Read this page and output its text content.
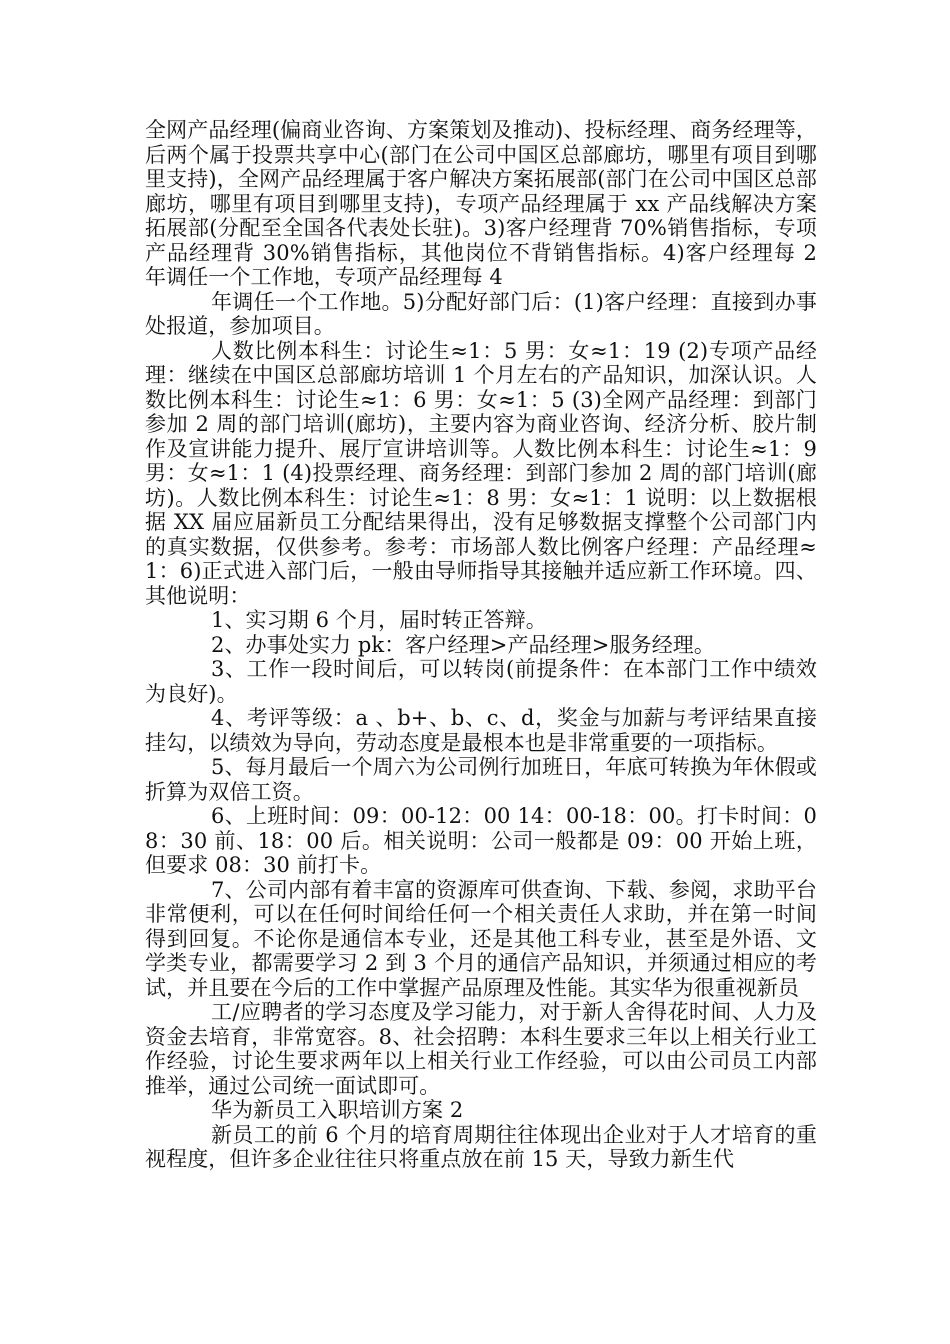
全网产品经理(偏商业咨询、方案策划及推动)、投标经理、商务经理等，后两个属于投票共享中心(部门在公司中国区总部廊坊，哪里有项目到哪里支持)，全网产品经理属于客户解决方案拓展部(部门在公司中国区总部廊坊，哪里有项目到哪里支持)，专项产品经理属于 xx 产品线解决方案拓展部(分配至全国各代表处长驻)。3)客户经理背 70%销售指标，专项产品经理背 30%销售指标，其他岗位不背销售指标。4)客户经理每 2 年调任一个工作地，专项产品经理每 4

年调任一个工作地。5)分配好部门后：(1)客户经理：直接到办事处报道，参加项目。

人数比例本科生：讨论生≈1：5 男：女≈1：19 (2)专项产品经理：继续在中国区总部廊坊培训 1 个月左右的产品知识，加深认识。人数比例本科生：讨论生≈1：6 男：女≈1：5 (3)全网产品经理：到部门参加 2 周的部门培训(廊坊)，主要内容为商业咨询、经济分析、胶片制作及宣讲能力提升、展厅宣讲培训等。人数比例本科生：讨论生≈1：9 男：女≈1：1 (4)投票经理、商务经理：到部门参加 2 周的部门培训(廊坊)。人数比例本科生：讨论生≈1：8 男：女≈1：1 说明：以上数据根据 XX 届应届新员工分配结果得出，没有足够数据支撑整个公司部门内的真实数据，仅供参考。参考：市场部人数比例客户经理：产品经理≈1：6)正式进入部门后，一般由导师指导其接触并适应新工作环境。四、其他说明：

1、实习期 6 个月，届时转正答辩。

2、办事处实力 pk：客户经理>产品经理>服务经理。

3、工作一段时间后，可以转岗(前提条件：在本部门工作中绩效为良好)。

4、考评等级：a 、b+、b、c、d，奖金与加薪与考评结果直接挂勾，以绩效为导向，劳动态度是最根本也是非常重要的一项指标。

5、每月最后一个周六为公司例行加班日，年底可转换为年休假或折算为双倍工资。

6、上班时间：09：00-12：00 14：00-18：00。打卡时间：08：30 前、18：00 后。相关说明：公司一般都是 09：00 开始上班，但要求 08：30 前打卡。

7、公司内部有着丰富的资源库可供查询、下载、参阅，求助平台非常便利，可以在任何时间给任何一个相关责任人求助，并在第一时间得到回复。不论你是通信本专业，还是其他工科专业，甚至是外语、文学类专业，都需要学习 2 到 3 个月的通信产品知识，并须通过相应的考试，并且要在今后的工作中掌握产品原理及性能。其实华为很重视新员

工/应聘者的学习态度及学习能力，对于新人舍得花时间、人力及资金去培育，非常宽容。8、社会招聘：本科生要求三年以上相关行业工作经验，讨论生要求两年以上相关行业工作经验，可以由公司员工内部推举，通过公司统一面试即可。

华为新员工入职培训方案 2

新员工的前 6 个月的培育周期往往体现出企业对于人才培育的重视程度，但许多企业往往只将重点放在前 15 天，导致力新生代
